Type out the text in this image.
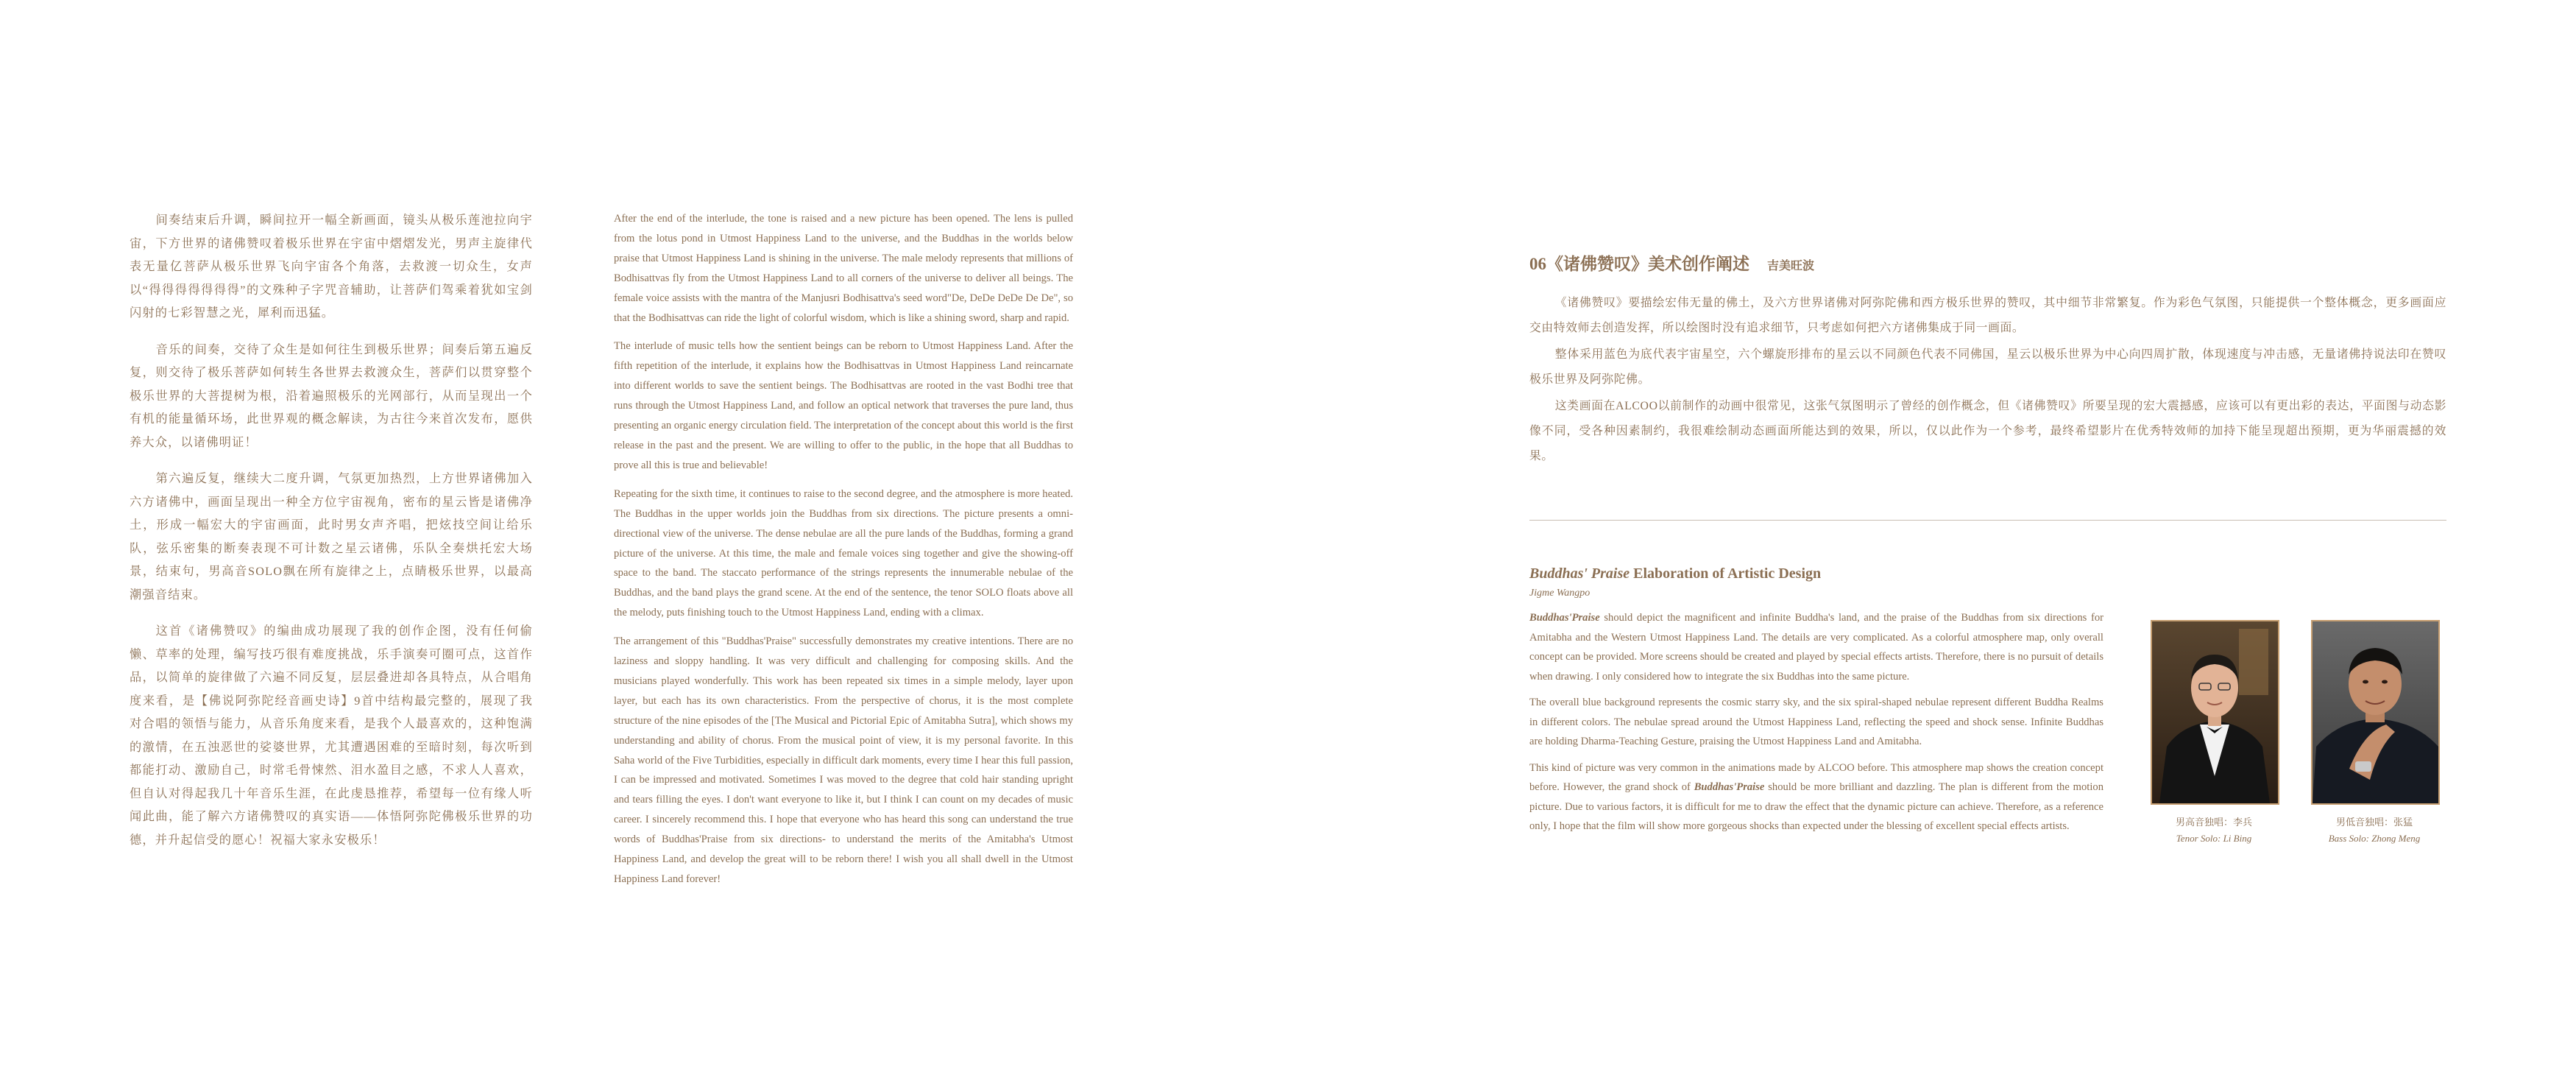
间奏结束后升调，瞬间拉开一幅全新画面，镜头从极乐莲池拉向宇宙，下方世界的诸佛赞叹着极乐世界在宇宙中熠熠发光，男声主旋律代表无量亿菩萨从极乐世界飞向宇宙各个角落，去救渡一切众生，女声以“得得得得得得得”的文殊种子字咒音辅助，让菩萨们驾乘着犹如宝剑闪射的七彩智慧之光，犀利而迅猛。

音乐的间奏，交待了众生是如何往生到极乐世界；间奏后第五遍反复，则交待了极乐菩萨如何转生各世界去救渡众生，菩萨们以贯穿整个极乐世界的大菩提树为根，沿着遍照极乐的光网部行，从而呈现出一个有机的能量循环场，此世界观的概念解读，为古往今来首次发布，愿供养大众，以诸佛明证！

第六遍反复，继续大二度升调，气氛更加热烈，上方世界诸佛加入六方诸佛中，画面呈现出一种全方位宇宙视角，密布的星云皆是诸佛净土，形成一幅宏大的宇宙画面，此时男女声齐唱，把炫技空间让给乐队，弦乐密集的断奏表现不可计数之星云诸佛，乐队全奏烘托宏大场景，结束句，男高音SOLO飘在所有旋律之上，点睛极乐世界，以最高潮强音结束。

这首《诸佛赞叹》的编曲成功展现了我的创作企图，没有任何偷懒、草率的处理，编写技巧很有难度挑战，乐手演奏可圈可点，这首作品，以简单的旋律做了六遍不同反复，层层叠进却各具特点，从合唱角度来看，是【佛说阿弥陀经音画史诗】9首中结构最完整的，展现了我对合唱的领悟与能力，从音乐角度来看，是我个人最喜欢的，这种饱满的激情，在五浊恶世的娑婆世界，尤其遭遇困难的至暗时刻，每次听到都能打动、激励自己，时常毛骨悚然、泪水盈目之感，不求人人喜欢，但自认对得起我几十年音乐生涯，在此虔恳推荐，希望每一位有缘人听闻此曲，能了解六方诸佛赞叹的真实语——体悟阿弥陀佛极乐世界的功德，并升起信受的愿心！祝福大家永安极乐！

After the end of the interlude, the tone is raised and a new picture has been opened. The lens is pulled from the lotus pond in Utmost Happiness Land to the universe, and the Buddhas in the worlds below praise that Utmost Happiness Land is shining in the universe. The male melody represents that millions of Bodhisattvas fly from the Utmost Happiness Land to all corners of the universe to deliver all beings. The female voice assists with the mantra of the Manjusri Bodhisattva's seed word"De, DeDe DeDe De De", so that the Bodhisattvas can ride the light of colorful wisdom, which is like a shining sword, sharp and rapid.

The interlude of music tells how the sentient beings can be reborn to Utmost Happiness Land. After the fifth repetition of the interlude, it explains how the Bodhisattvas in Utmost Happiness Land reincarnate into different worlds to save the sentient beings. The Bodhisattvas are rooted in the vast Bodhi tree that runs through the Utmost Happiness Land, and follow an optical network that traverses the pure land, thus presenting an organic energy circulation field. The interpretation of the concept about this world is the first release in the past and the present. We are willing to offer to the public, in the hope that all Buddhas to prove all this is true and believable!

Repeating for the sixth time, it continues to raise to the second degree, and the atmosphere is more heated. The Buddhas in the upper worlds join the Buddhas from six directions. The picture presents a omni-directional view of the universe. The dense nebulae are all the pure lands of the Buddhas, forming a grand picture of the universe. At this time, the male and female voices sing together and give the showing-off space to the band. The staccato performance of the strings represents the innumerable nebulae of the Buddhas, and the band plays the grand scene. At the end of the sentence, the tenor SOLO floats above all the melody, puts finishing touch to the Utmost Happiness Land, ending with a climax.

The arrangement of this "Buddhas'Praise" successfully demonstrates my creative intentions. There are no laziness and sloppy handling. It was very difficult and challenging for composing skills. And the musicians played wonderfully. This work has been repeated six times in a simple melody, layer upon layer, but each has its own characteristics. From the perspective of chorus, it is the most complete structure of the nine episodes of the [The Musical and Pictorial Epic of Amitabha Sutra], which shows my understanding and ability of chorus. From the musical point of view, it is my personal favorite. In this Saha world of the Five Turbidities, especially in difficult dark moments, every time I hear this full passion, I can be impressed and motivated. Sometimes I was moved to the degree that cold hair standing upright and tears filling the eyes. I don't want everyone to like it, but I think I can count on my decades of music career. I sincerely recommend this. I hope that everyone who has heard this song can understand the true words of Buddhas'Praise from six directions- to understand the merits of the Amitabha's Utmost Happiness Land, and develop the great will to be reborn there! I wish you all shall dwell in the Utmost Happiness Land forever!

06《诸佛赞叹》美术创作阐述 吉美旺波

《诸佛赞叹》要描绘宏伟无量的佛土，及六方世界诸佛对阿弥陀佛和西方极乐世界的赞叹，其中细节非常繁复。作为彩色气氛图，只能提供一个整体概念，更多画面应交由特效师去创造发挥，所以绘图时没有追求细节，只考虑如何把六方诸佛集成于同一画面。

整体采用蓝色为底代表宇宙星空，六个螺旋形排布的星云以不同颜色代表不同佛国，星云以极乐世界为中心向四周扩散，体现速度与冲击感，无量诸佛持说法印在赞叹极乐世界及阿弥陀佛。

这类画面在ALCOO以前制作的动画中很常见，这张气氛图明示了曾经的创作概念，但《诸佛赞叹》所要呈现的宏大震撼感，应该可以有更出彩的表达，平面图与动态影像不同，受各种因素制约，我很难绘制动态画面所能达到的效果，所以，仅以此作为一个参考，最终希望影片在优秀特效师的加持下能呈现超出预期，更为华丽震撼的效果。

Buddhas' Praise Elaboration of Artistic Design
Jigme Wangpo

Buddhas'Praise should depict the magnificent and infinite Buddha's land, and the praise of the Buddhas from six directions for Amitabha and the Western Utmost Happiness Land. The details are very complicated. As a colorful atmosphere map, only overall concept can be provided. More screens should be created and played by special effects artists. Therefore, there is no pursuit of details when drawing. I only considered how to integrate the six Buddhas into the same picture.

The overall blue background represents the cosmic starry sky, and the six spiral-shaped nebulae represent different Buddha Realms in different colors. The nebulae spread around the Utmost Happiness Land, reflecting the speed and shock sense. Infinite Buddhas are holding Dharma-Teaching Gesture, praising the Utmost Happiness Land and Amitabha.

This kind of picture was very common in the animations made by ALCOO before. This atmosphere map shows the creation concept before. However, the grand shock of Buddhas'Praise should be more brilliant and dazzling. The plan is different from the motion picture. Due to various factors, it is difficult for me to draw the effect that the dynamic picture can achieve. Therefore, as a reference only, I hope that the film will show more gorgeous shocks than expected under the blessing of excellent special effects artists.	男高音独唱：李兵
Tenor Solo: Li Bing
男低音独唱：张猛
Bass Solo: Zhong Meng
